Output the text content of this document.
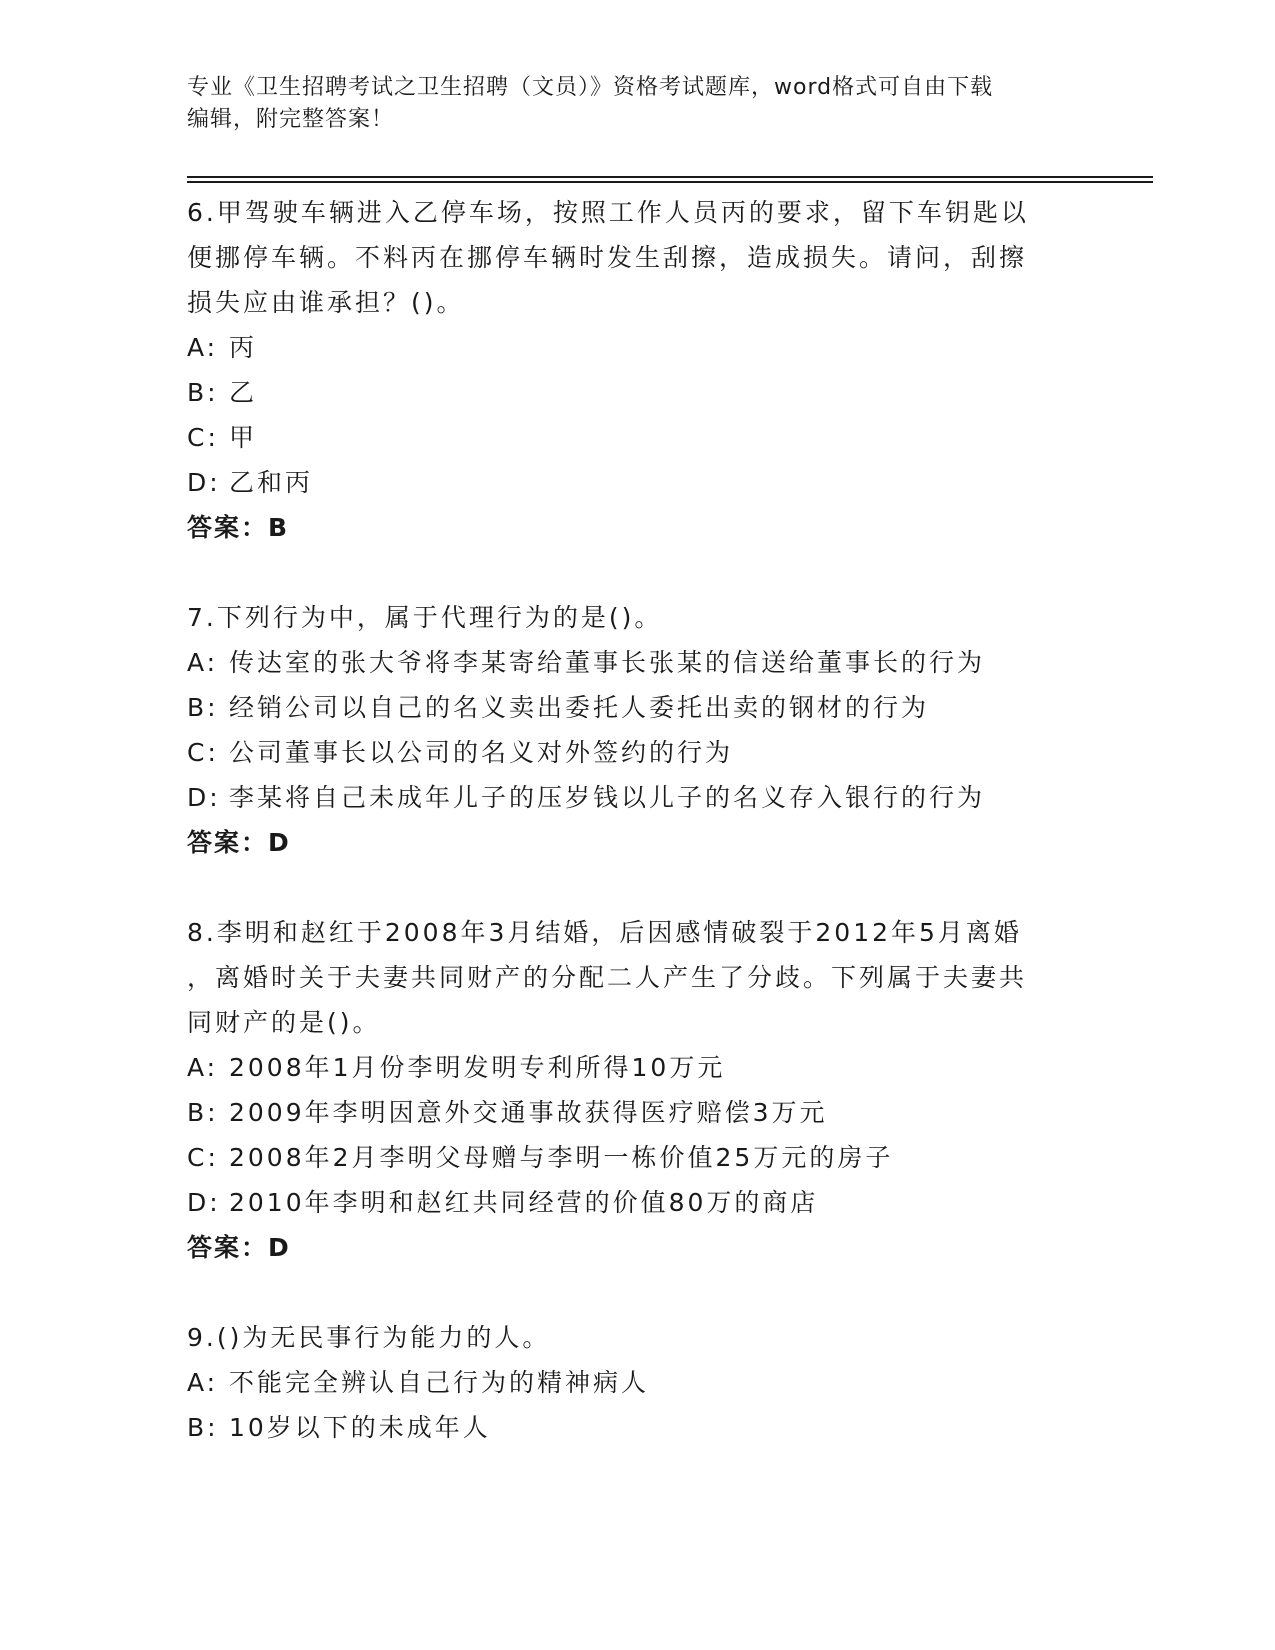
专业《卫生招聘考试之卫生招聘（文员）》资格考试题库，word格式可自由下载
编辑，附完整答案！

6.甲驾驶车辆进入乙停车场，按照工作人员丙的要求，留下车钥匙以

便挪停车辆。不料丙在挪停车辆时发生刮擦，造成损失。请问，刮擦

损失应由谁承担？()。

A: 丙
B: 乙
C: 甲
D: 乙和丙

答案：B

7.下列行为中，属于代理行为的是()。

A: 传达室的张大爷将李某寄给董事长张某的信送给董事长的行为
B: 经销公司以自己的名义卖出委托人委托出卖的钢材的行为
C: 公司董事长以公司的名义对外签约的行为
D: 李某将自己未成年儿子的压岁钱以儿子的名义存入银行的行为

答案：D

8.李明和赵红于2008年3月结婚，后因感情破裂于2012年5月离婚

，离婚时关于夫妻共同财产的分配二人产生了分歧。下列属于夫妻共

同财产的是()。

A: 2008年1月份李明发明专利所得10万元
B: 2009年李明因意外交通事故获得医疗赔偿3万元
C: 2008年2月李明父母赠与李明一栋价值25万元的房子
D: 2010年李明和赵红共同经营的价值80万的商店

答案：D

9.()为无民事行为能力的人。

A: 不能完全辨认自己行为的精神病人
B: 10岁以下的未成年人
